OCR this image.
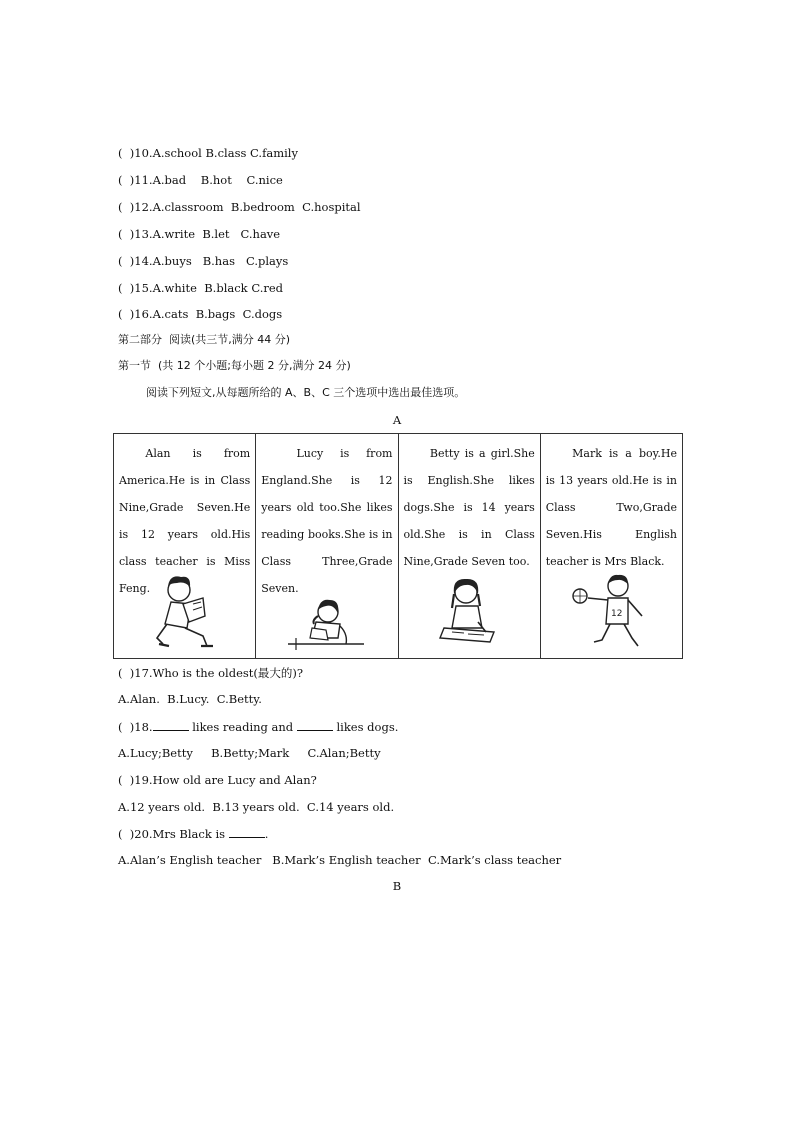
(  )10.A.school B.class C.family
(  )11.A.bad B.hot C.nice
(  )12.A.classroom B.bedroom C.hospital
(  )13.A.write B.let C.have
(  )14.A.buys B.has C.plays
(  )15.A.white B.black C.red
(  )16.A.cats B.bags C.dogs
第二部分  阅读(共三节,满分 44 分)
第一节  (共 12 个小题;每小题 2 分,满分 24 分)
阅读下列短文,从每题所给的 A、B、C 三个选项中选出最佳选项。
A
Alan is from America.He is in Class Nine,Grade Seven.He is 12 years old.His class teacher is Miss Feng.

Lucy is from England.She is 12 years old too.She likes reading books.She is in Class Three,Grade Seven.

Betty is a girl.She is English.She likes dogs.She is 14 years old.She is in Class Nine,Grade Seven too.

Mark is a boy.He is 13 years old.He is in Class Two,Grade Seven.His English teacher is Mrs Black.
12
(  )17.Who is the oldest(最大的)?
A.Alan.  B.Lucy.  C.Betty.
(  )18.	likes reading and	likes dogs.
A.Lucy;Betty     B.Betty;Mark     C.Alan;Betty
(  )19.How old are Lucy and Alan?
A.12 years old.  B.13 years old.  C.14 years old.
(  )20.Mrs Black is	.
A.Alan’s English teacher   B.Mark’s English teacher  C.Mark’s class teacher
B
